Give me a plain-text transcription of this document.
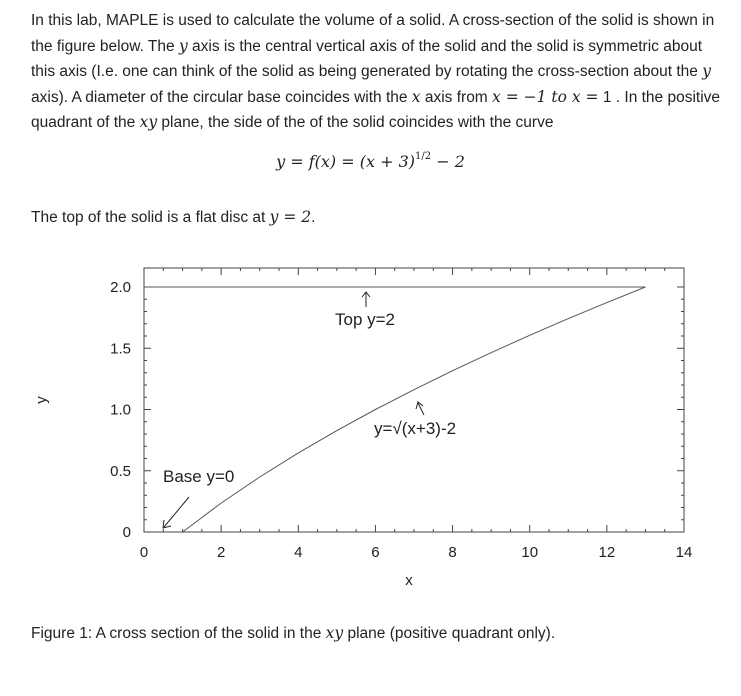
In this lab, MAPLE is used to calculate the volume of a solid. A cross-section of the solid is shown in the figure below. The y axis is the central vertical axis of the solid and the solid is symmetric about this axis (I.e. one can think of the solid as being generated by rotating the cross-section about the y axis). A diameter of the circular base coincides with the x axis from x = −1 to x = 1 . In the positive quadrant of the xy plane, the side of the of the solid coincides with the curve
$y = f(x) = (x + 3)^{1/2} - 2$
The top of the solid is a flat disc at y = 2.
0	2	4	6	8	10	12	14
0
0.5
1.0
1.5
2.0
x
y
Top y=2
y=√(x+3)-2
Base y=0
Figure 1: A cross section of the solid in the xy plane (positive quadrant only).
